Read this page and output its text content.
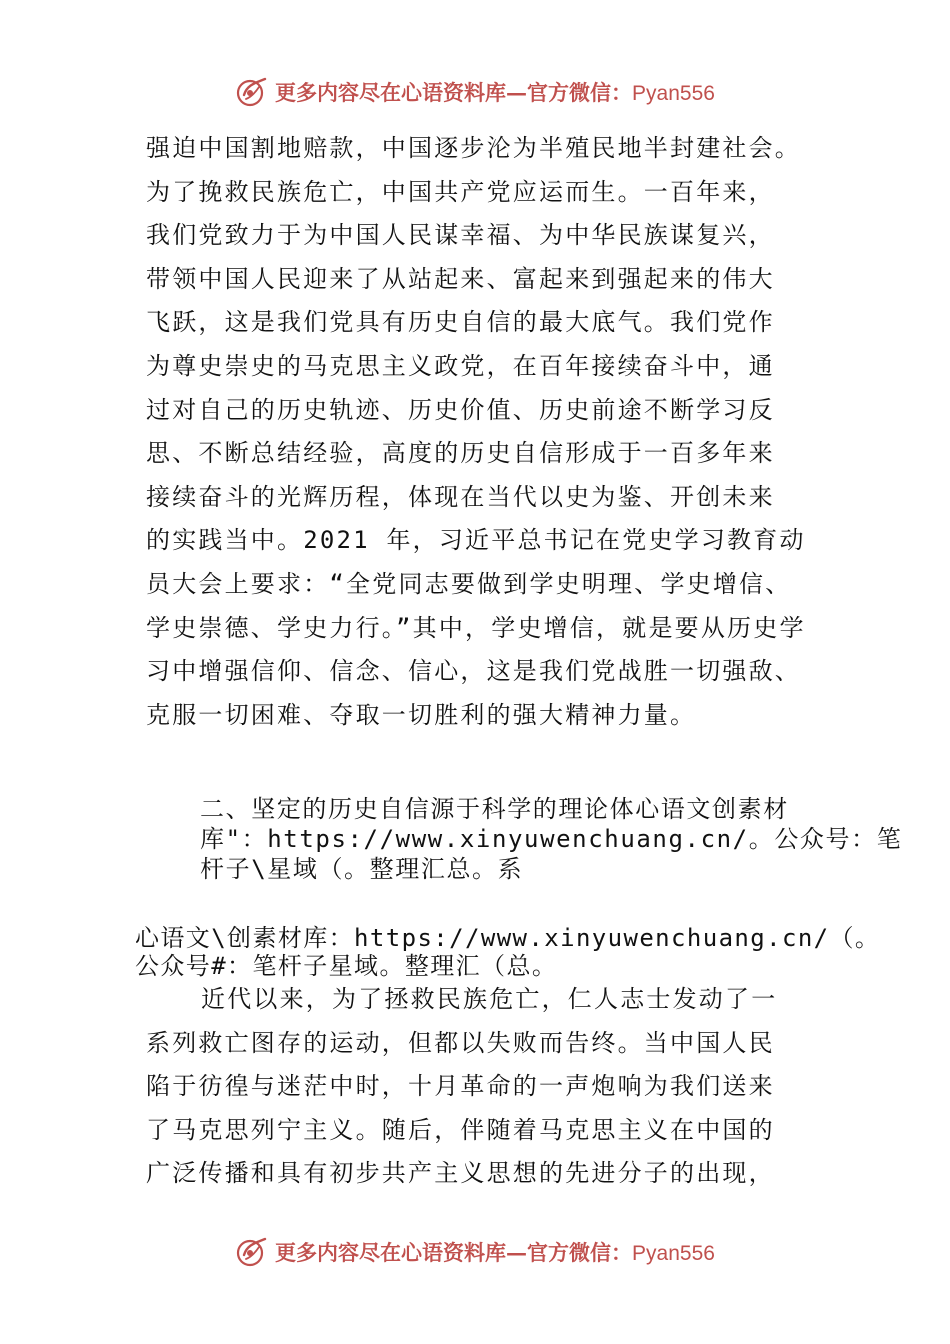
更多内容尽在心语资料库—官方微信：Pyan556
强迫中国割地赔款，中国逐步沦为半殖民地半封建社会。
为了挽救民族危亡，中国共产党应运而生。一百年来，
我们党致力于为中国人民谋幸福、为中华民族谋复兴，
带领中国人民迎来了从站起来、富起来到强起来的伟大
飞跃，这是我们党具有历史自信的最大底气。我们党作
为尊史崇史的马克思主义政党，在百年接续奋斗中，通
过对自己的历史轨迹、历史价值、历史前途不断学习反
思、不断总结经验，高度的历史自信形成于一百多年来
接续奋斗的光辉历程，体现在当代以史为鉴、开创未来
的实践当中。2021 年，习近平总书记在党史学习教育动
员大会上要求：“全党同志要做到学史明理、学史增信、
学史崇德、学史力行。”其中，学史增信，就是要从历史学
习中增强信仰、信念、信心，这是我们党战胜一切强敌、
克服一切困难、夺取一切胜利的强大精神力量。
二、坚定的历史自信源于科学的理论体心语文创素材
库"：https://www.xinyuwenchuang.cn/。公众号：笔
杆子\星域（。整理汇总。系
心语文\创素材库：https://www.xinyuwenchuang.cn/（。
公众号#：笔杆子星域。整理汇（总。
近代以来，为了拯救民族危亡，仁人志士发动了一
系列救亡图存的运动，但都以失败而告终。当中国人民
陷于彷徨与迷茫中时，十月革命的一声炮响为我们送来
了马克思列宁主义。随后，伴随着马克思主义在中国的
广泛传播和具有初步共产主义思想的先进分子的出现，
更多内容尽在心语资料库—官方微信：Pyan556
